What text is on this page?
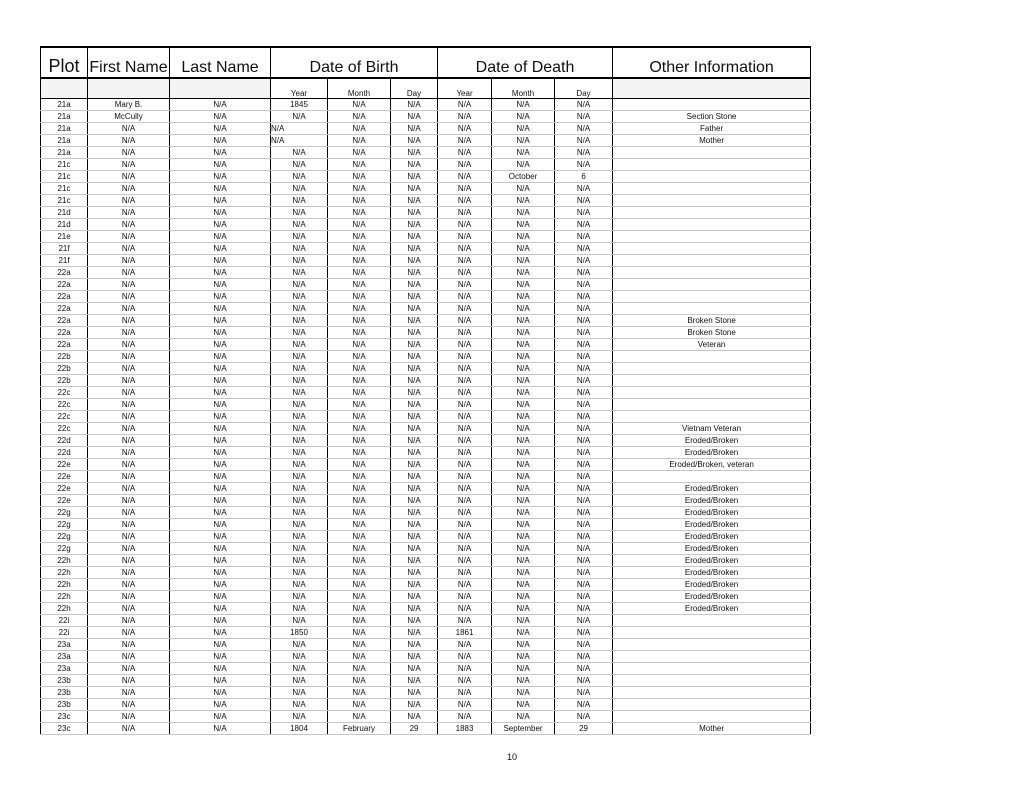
Plot	First Name	Last Name	Date of Birth			Date of Death			Other Information
			Year	Month	Day	Year	Month	Day	
21a	Mary B.	N/A	1845	N/A	N/A	N/A	N/A	N/A	
21a	McCully	N/A	N/A	N/A	N/A	N/A	N/A	N/A	Section Stone
21a	N/A	N/A	N/A	N/A	N/A	N/A	N/A	N/A	Father
21a	N/A	N/A	N/A	N/A	N/A	N/A	N/A	N/A	Mother
21a	N/A	N/A	N/A	N/A	N/A	N/A	N/A	N/A	
21c	N/A	N/A	N/A	N/A	N/A	N/A	N/A	N/A	
21c	N/A	N/A	N/A	N/A	N/A	N/A	October	6	
21c	N/A	N/A	N/A	N/A	N/A	N/A	N/A	N/A	
21c	N/A	N/A	N/A	N/A	N/A	N/A	N/A	N/A	
21d	N/A	N/A	N/A	N/A	N/A	N/A	N/A	N/A	
21d	N/A	N/A	N/A	N/A	N/A	N/A	N/A	N/A	
21e	N/A	N/A	N/A	N/A	N/A	N/A	N/A	N/A	
21f	N/A	N/A	N/A	N/A	N/A	N/A	N/A	N/A	
21f	N/A	N/A	N/A	N/A	N/A	N/A	N/A	N/A	
22a	N/A	N/A	N/A	N/A	N/A	N/A	N/A	N/A	
22a	N/A	N/A	N/A	N/A	N/A	N/A	N/A	N/A	
22a	N/A	N/A	N/A	N/A	N/A	N/A	N/A	N/A	
22a	N/A	N/A	N/A	N/A	N/A	N/A	N/A	N/A	
22a	N/A	N/A	N/A	N/A	N/A	N/A	N/A	N/A	Broken Stone
22a	N/A	N/A	N/A	N/A	N/A	N/A	N/A	N/A	Broken Stone
22a	N/A	N/A	N/A	N/A	N/A	N/A	N/A	N/A	Veteran
22b	N/A	N/A	N/A	N/A	N/A	N/A	N/A	N/A	
22b	N/A	N/A	N/A	N/A	N/A	N/A	N/A	N/A	
22b	N/A	N/A	N/A	N/A	N/A	N/A	N/A	N/A	
22c	N/A	N/A	N/A	N/A	N/A	N/A	N/A	N/A	
22c	N/A	N/A	N/A	N/A	N/A	N/A	N/A	N/A	
22c	N/A	N/A	N/A	N/A	N/A	N/A	N/A	N/A	
22c	N/A	N/A	N/A	N/A	N/A	N/A	N/A	N/A	Vietnam Veteran
22d	N/A	N/A	N/A	N/A	N/A	N/A	N/A	N/A	Eroded/Broken
22d	N/A	N/A	N/A	N/A	N/A	N/A	N/A	N/A	Eroded/Broken
22e	N/A	N/A	N/A	N/A	N/A	N/A	N/A	N/A	Eroded/Broken, veteran
22e	N/A	N/A	N/A	N/A	N/A	N/A	N/A	N/A	
22e	N/A	N/A	N/A	N/A	N/A	N/A	N/A	N/A	Eroded/Broken
22e	N/A	N/A	N/A	N/A	N/A	N/A	N/A	N/A	Eroded/Broken
22g	N/A	N/A	N/A	N/A	N/A	N/A	N/A	N/A	Eroded/Broken
22g	N/A	N/A	N/A	N/A	N/A	N/A	N/A	N/A	Eroded/Broken
22g	N/A	N/A	N/A	N/A	N/A	N/A	N/A	N/A	Eroded/Broken
22g	N/A	N/A	N/A	N/A	N/A	N/A	N/A	N/A	Eroded/Broken
22h	N/A	N/A	N/A	N/A	N/A	N/A	N/A	N/A	Eroded/Broken
22h	N/A	N/A	N/A	N/A	N/A	N/A	N/A	N/A	Eroded/Broken
22h	N/A	N/A	N/A	N/A	N/A	N/A	N/A	N/A	Eroded/Broken
22h	N/A	N/A	N/A	N/A	N/A	N/A	N/A	N/A	Eroded/Broken
22h	N/A	N/A	N/A	N/A	N/A	N/A	N/A	N/A	Eroded/Broken
22i	N/A	N/A	N/A	N/A	N/A	N/A	N/A	N/A	
22i	N/A	N/A	1850	N/A	N/A	1861	N/A	N/A	
23a	N/A	N/A	N/A	N/A	N/A	N/A	N/A	N/A	
23a	N/A	N/A	N/A	N/A	N/A	N/A	N/A	N/A	
23a	N/A	N/A	N/A	N/A	N/A	N/A	N/A	N/A	
23b	N/A	N/A	N/A	N/A	N/A	N/A	N/A	N/A	
23b	N/A	N/A	N/A	N/A	N/A	N/A	N/A	N/A	
23b	N/A	N/A	N/A	N/A	N/A	N/A	N/A	N/A	
23c	N/A	N/A	N/A	N/A	N/A	N/A	N/A	N/A	
23c	N/A	N/A	1804	February	29	1883	September	29	Mother
10
